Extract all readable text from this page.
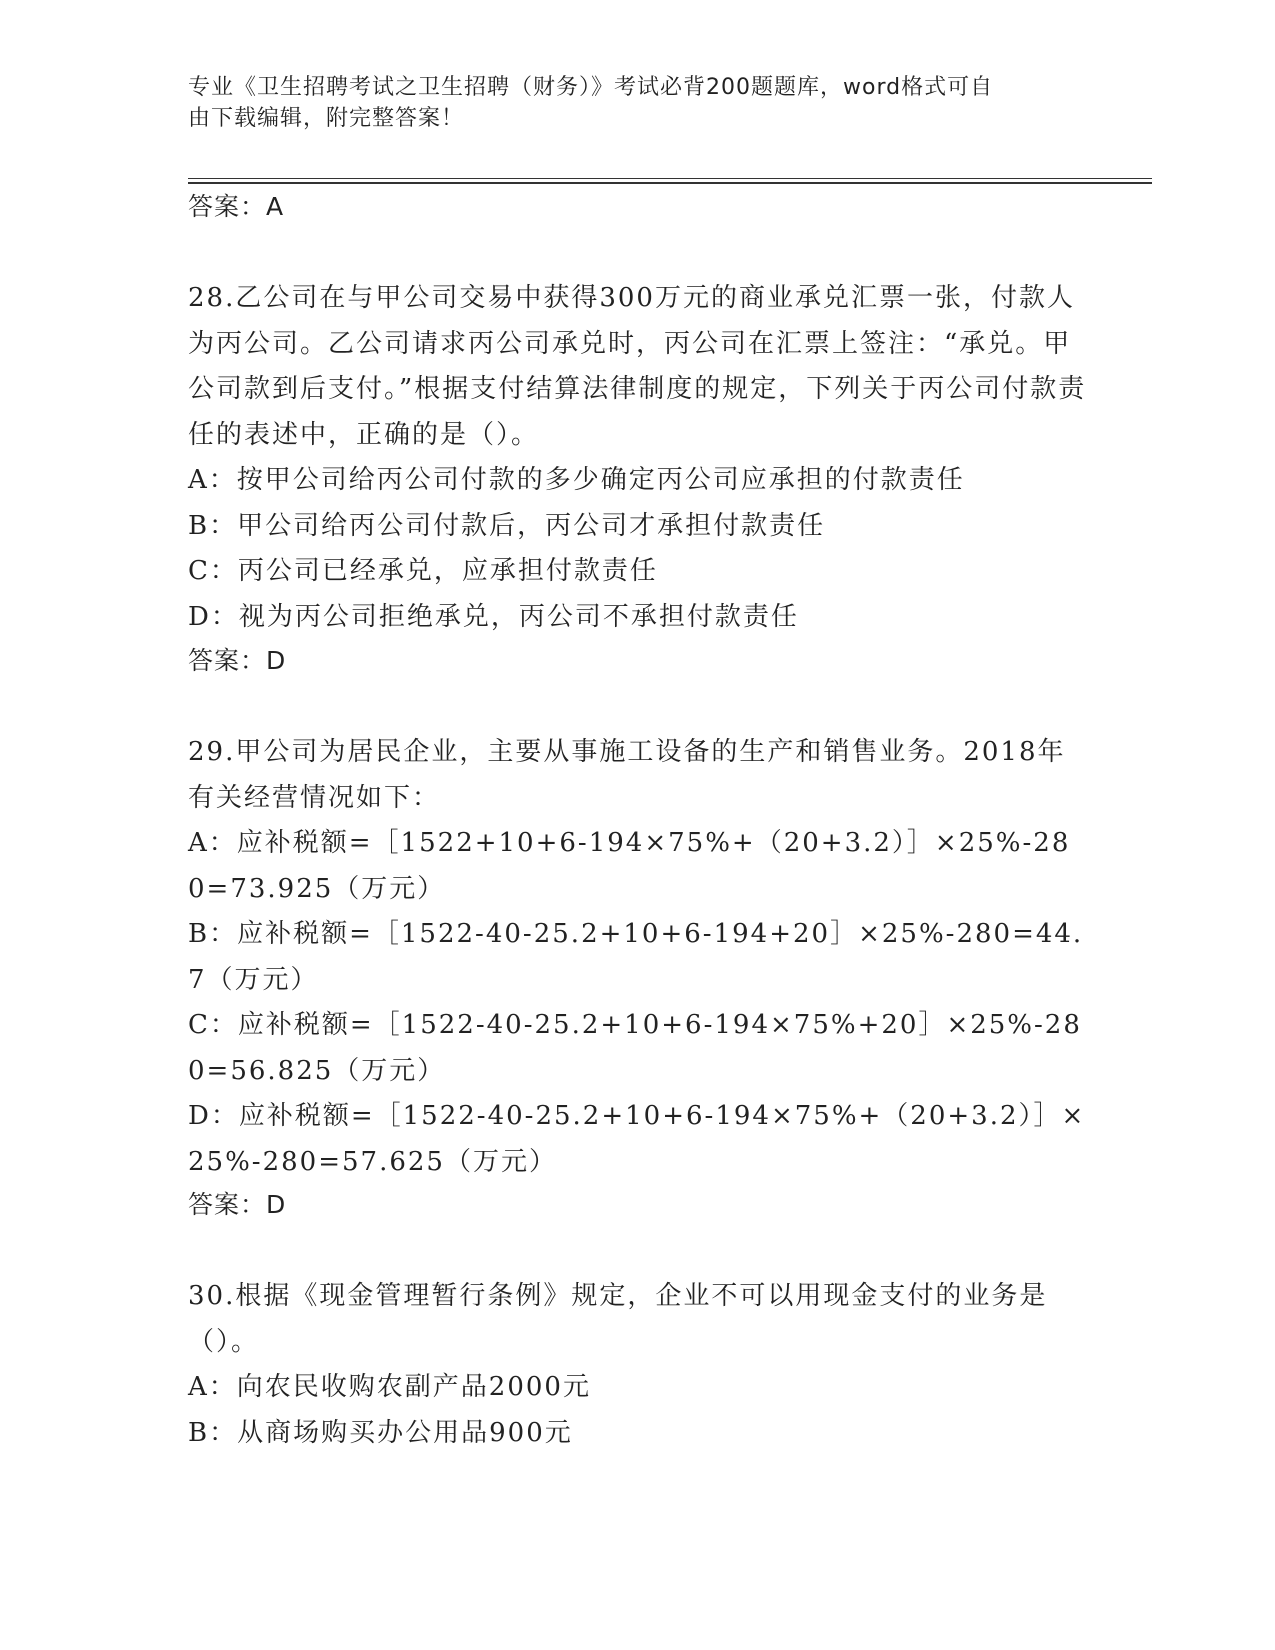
专业《卫生招聘考试之卫生招聘（财务）》考试必背200题题库，word格式可自
由下载编辑，附完整答案！
答案：A

28.乙公司在与甲公司交易中获得300万元的商业承兑汇票一张，付款人为丙公司。乙公司请求丙公司承兑时，丙公司在汇票上签注：“承兑。甲公司款到后支付。”根据支付结算法律制度的规定，下列关于丙公司付款责任的表述中，正确的是（）。

A：按甲公司给丙公司付款的多少确定丙公司应承担的付款责任

B：甲公司给丙公司付款后，丙公司才承担付款责任

C：丙公司已经承兑，应承担付款责任

D：视为丙公司拒绝承兑，丙公司不承担付款责任

答案：D

29.甲公司为居民企业，主要从事施工设备的生产和销售业务。2018年有关经营情况如下：

A：应补税额=［1522+10+6-194×75%+（20+3.2）］×25%-280=73.925（万元）

B：应补税额=［1522-40-25.2+10+6-194+20］×25%-280=44.7（万元）

C：应补税额=［1522-40-25.2+10+6-194×75%+20］×25%-280=56.825（万元）

D：应补税额=［1522-40-25.2+10+6-194×75%+（20+3.2）］×25%-280=57.625（万元）

答案：D

30.根据《现金管理暂行条例》规定，企业不可以用现金支付的业务是（）。

A：向农民收购农副产品2000元

B：从商场购买办公用品900元
